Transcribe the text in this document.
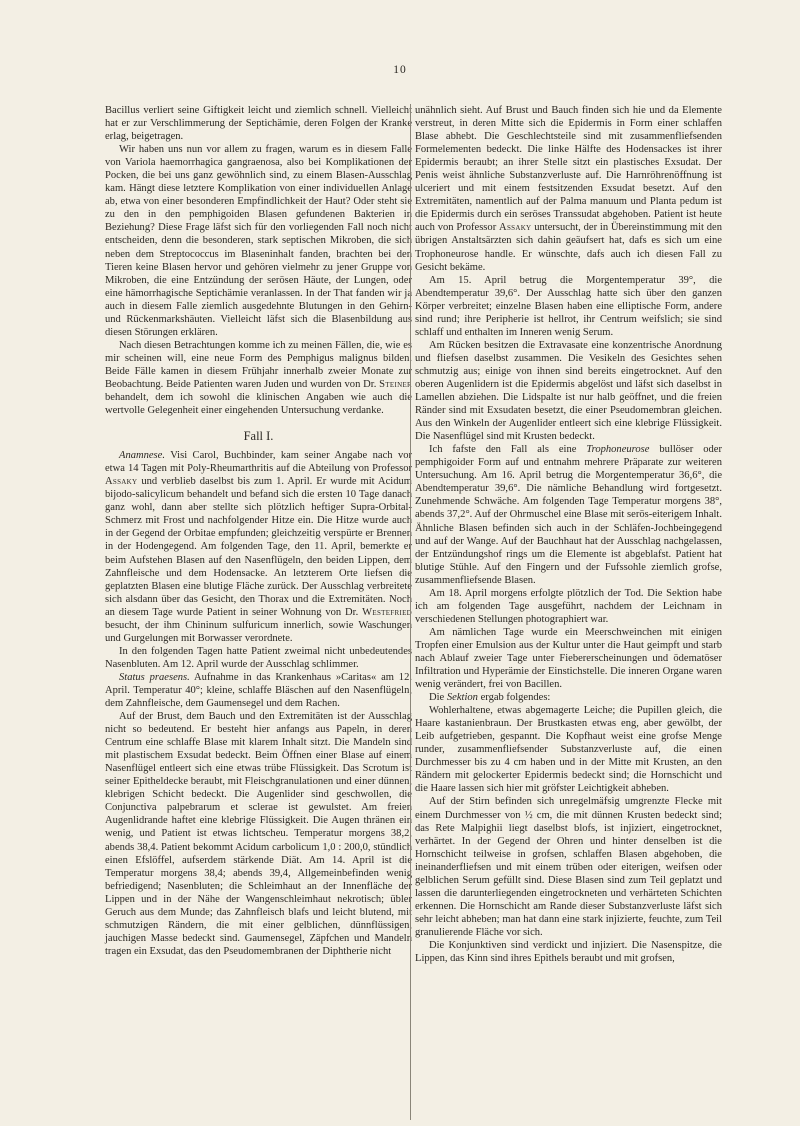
10

Bacillus verliert seine Giftigkeit leicht und ziemlich schnell. Vielleicht hat er zur Verschlimmerung der Septichämie, deren Folgen der Kranke erlag, beigetragen.

Wir haben uns nun vor allem zu fragen, warum es in diesem Falle von Variola haemorrhagica gangraenosa, also bei Komplikationen der Pocken, die bei uns ganz gewöhnlich sind, zu einem Blasen-Ausschlag kam. Hängt diese letztere Komplikation von einer individuellen Anlage ab, etwa von einer besonderen Empfindlichkeit der Haut? Oder steht sie zu den in den pemphigoiden Blasen gefundenen Bakterien in Beziehung? Diese Frage läfst sich für den vorliegenden Fall noch nicht entscheiden, denn die besonderen, stark septischen Mikroben, die sich neben dem Streptococcus im Blaseninhalt fanden, brachten bei den Tieren keine Blasen hervor und gehören vielmehr zu jener Gruppe von Mikroben, die eine Entzündung der serösen Häute, der Lungen, oder eine hämorrhagische Septichämie veranlassen. In der That fanden wir ja auch in diesem Falle ziemlich ausgedehnte Blutungen in den Gehirn- und Rückenmarkshäuten. Vielleicht läfst sich die Blasenbildung aus diesen Störungen erklären.

Nach diesen Betrachtungen komme ich zu meinen Fällen, die, wie es mir scheinen will, eine neue Form des Pemphigus malignus bilden. Beide Fälle kamen in diesem Frühjahr innerhalb zweier Monate zur Beobachtung. Beide Patienten waren Juden und wurden von Dr. Steiner behandelt, dem ich sowohl die klinischen Angaben wie auch die wertvolle Gelegenheit einer eingehenden Untersuchung verdanke.

Fall I.

Anamnese. Visi Carol, Buchbinder, kam seiner Angabe nach vor etwa 14 Tagen mit Poly-Rheumarthritis auf die Abteilung von Professor Assaky und verblieb daselbst bis zum 1. April. Er wurde mit Acidum bijodo-salicylicum behandelt und befand sich die ersten 10 Tage danach ganz wohl, dann aber stellte sich plötzlich heftiger Supra-Orbital-Schmerz mit Frost und nachfolgender Hitze ein. Die Hitze wurde auch in der Gegend der Orbitae empfunden; gleichzeitig verspürte er Brennen in der Hodengegend. Am folgenden Tage, den 11. April, bemerkte er beim Aufstehen Blasen auf den Nasenflügeln, den beiden Lippen, dem Zahnfleische und dem Hodensacke. An letzterem Orte liefsen die geplatzten Blasen eine blutige Fläche zurück. Der Ausschlag verbreitete sich alsdann über das Gesicht, den Thorax und die Extremitäten. Noch an diesem Tage wurde Patient in seiner Wohnung von Dr. Westefried besucht, der ihm Chininum sulfuricum innerlich, sowie Waschungen und Gurgelungen mit Borwasser verordnete.

In den folgenden Tagen hatte Patient zweimal nicht unbedeutendes Nasenbluten. Am 12. April wurde der Ausschlag schlimmer.

Status praesens. Aufnahme in das Krankenhaus »Caritas« am 12. April. Temperatur 40°; kleine, schlaffe Bläschen auf den Nasenflügeln, dem Zahnfleische, dem Gaumensegel und dem Rachen.

Auf der Brust, dem Bauch und den Extremitäten ist der Ausschlag nicht so bedeutend. Er besteht hier anfangs aus Papeln, in deren Centrum eine schlaffe Blase mit klarem Inhalt sitzt. Die Mandeln sind mit plastischem Exsudat bedeckt. Beim Öffnen einer Blase auf einem Nasenflügel entleert sich eine etwas trübe Flüssigkeit. Das Scrotum ist seiner Epitheldecke beraubt, mit Fleischgranulationen und einer dünnen, klebrigen Schicht bedeckt. Die Augenlider sind geschwollen, die Conjunctiva palpebrarum et sclerae ist gewulstet. Am freien Augenlidrande haftet eine klebrige Flüssigkeit. Die Augen thränen ein wenig, und Patient ist etwas lichtscheu. Temperatur morgens 38,2, abends 38,4. Patient bekommt Acidum carbolicum 1,0 : 200,0, stündlich einen Efslöffel, aufserdem stärkende Diät. Am 14. April ist die Temperatur morgens 38,4; abends 39,4, Allgemeinbefinden wenig befriedigend; Nasenbluten; die Schleimhaut an der Innenfläche der Lippen und in der Nähe der Wangenschleimhaut nekrotisch; übler Geruch aus dem Munde; das Zahnfleisch blafs und leicht blutend, mit schmutzigen Rändern, die mit einer gelblichen, dünnflüssigen, jauchigen Masse bedeckt sind. Gaumensegel, Zäpfchen und Mandeln tragen ein Exsudat, das den Pseudomembranen der Diphtherie nicht

unähnlich sieht. Auf Brust und Bauch finden sich hie und da Elemente verstreut, in deren Mitte sich die Epidermis in Form einer schlaffen Blase abhebt. Die Geschlechtsteile sind mit zusammenfliefsenden Formelementen bedeckt. Die linke Hälfte des Hodensackes ist ihrer Epidermis beraubt; an ihrer Stelle sitzt ein plastisches Exsudat. Der Penis weist ähnliche Substanzverluste auf. Die Harnröhrenöffnung ist ulceriert und mit einem festsitzenden Exsudat besetzt. Auf den Extremitäten, namentlich auf der Palma manuum und Planta pedum ist die Epidermis durch ein seröses Transsudat abgehoben. Patient ist heute auch von Professor Assaky untersucht, der in Übereinstimmung mit den übrigen Anstaltsärzten sich dahin geäufsert hat, dafs es sich um eine Trophoneurose handle. Er wünschte, dafs auch ich diesen Fall zu Gesicht bekäme.

Am 15. April betrug die Morgentemperatur 39°, die Abendtemperatur 39,6°. Der Ausschlag hatte sich über den ganzen Körper verbreitet; einzelne Blasen haben eine elliptische Form, andere sind rund; ihre Peripherie ist hellrot, ihr Centrum weifslich; sie sind schlaff und enthalten im Inneren wenig Serum.

Am Rücken besitzen die Extravasate eine konzentrische Anordnung und fliefsen daselbst zusammen. Die Vesikeln des Gesichtes sehen schmutzig aus; einige von ihnen sind bereits eingetrocknet. Auf den oberen Augenlidern ist die Epidermis abgelöst und läfst sich daselbst in Lamellen abziehen. Die Lidspalte ist nur halb geöffnet, und die freien Ränder sind mit Exsudaten besetzt, die einer Pseudomembran gleichen. Aus den Winkeln der Augenlider entleert sich eine klebrige Flüssigkeit. Die Nasenflügel sind mit Krusten bedeckt.

Ich fafste den Fall als eine Trophoneurose bullöser oder pemphigoider Form auf und entnahm mehrere Präparate zur weiteren Untersuchung. Am 16. April betrug die Morgentemperatur 36,6°, die Abendtemperatur 39,6°. Die nämliche Behandlung wird fortgesetzt. Zunehmende Schwäche. Am folgenden Tage Temperatur morgens 38°, abends 37,2°. Auf der Ohrmuschel eine Blase mit serös-eiterigem Inhalt. Ähnliche Blasen befinden sich auch in der Schläfen-Jochbeingegend und auf der Wange. Auf der Bauchhaut hat der Ausschlag nachgelassen, der Entzündungshof rings um die Elemente ist abgeblafst. Patient hat blutige Stühle. Auf den Fingern und der Fufssohle ziemlich grofse, zusammenfliefsende Blasen.

Am 18. April morgens erfolgte plötzlich der Tod. Die Sektion habe ich am folgenden Tage ausgeführt, nachdem der Leichnam in verschiedenen Stellungen photographiert war.

Am nämlichen Tage wurde ein Meerschweinchen mit einigen Tropfen einer Emulsion aus der Kultur unter die Haut geimpft und starb nach Ablauf zweier Tage unter Fiebererscheinungen und ödematöser Infiltration und Hyperämie der Einstichstelle. Die inneren Organe waren wenig verändert, frei von Bacillen.

Die Sektion ergab folgendes:

Wohlerhaltene, etwas abgemagerte Leiche; die Pupillen gleich, die Haare kastanienbraun. Der Brustkasten etwas eng, aber gewölbt, der Leib aufgetrieben, gespannt. Die Kopfhaut weist eine grofse Menge runder, zusammenfliefsender Substanzverluste auf, die einen Durchmesser bis zu 4 cm haben und in der Mitte mit Krusten, an den Rändern mit gelockerter Epidermis bedeckt sind; die Hornschicht und die Haare lassen sich hier mit gröfster Leichtigkeit abheben.

Auf der Stirn befinden sich unregelmäfsig umgrenzte Flecke mit einem Durchmesser von ½ cm, die mit dünnen Krusten bedeckt sind; das Rete Malpighii liegt daselbst blofs, ist injiziert, eingetrocknet, verhärtet. In der Gegend der Ohren und hinter denselben ist die Hornschicht teilweise in grofsen, schlaffen Blasen abgehoben, die ineinanderfliefsen und mit einem trüben oder eiterigen, weifsen oder gelblichen Serum gefüllt sind. Diese Blasen sind zum Teil geplatzt und lassen die darunterliegenden eingetrockneten und verhärteten Schichten erkennen. Die Hornschicht am Rande dieser Substanzverluste läfst sich sehr leicht abheben; man hat dann eine stark injizierte, feuchte, zum Teil granulierende Fläche vor sich.

Die Konjunktiven sind verdickt und injiziert. Die Nasenspitze, die Lippen, das Kinn sind ihres Epithels beraubt und mit grofsen,
